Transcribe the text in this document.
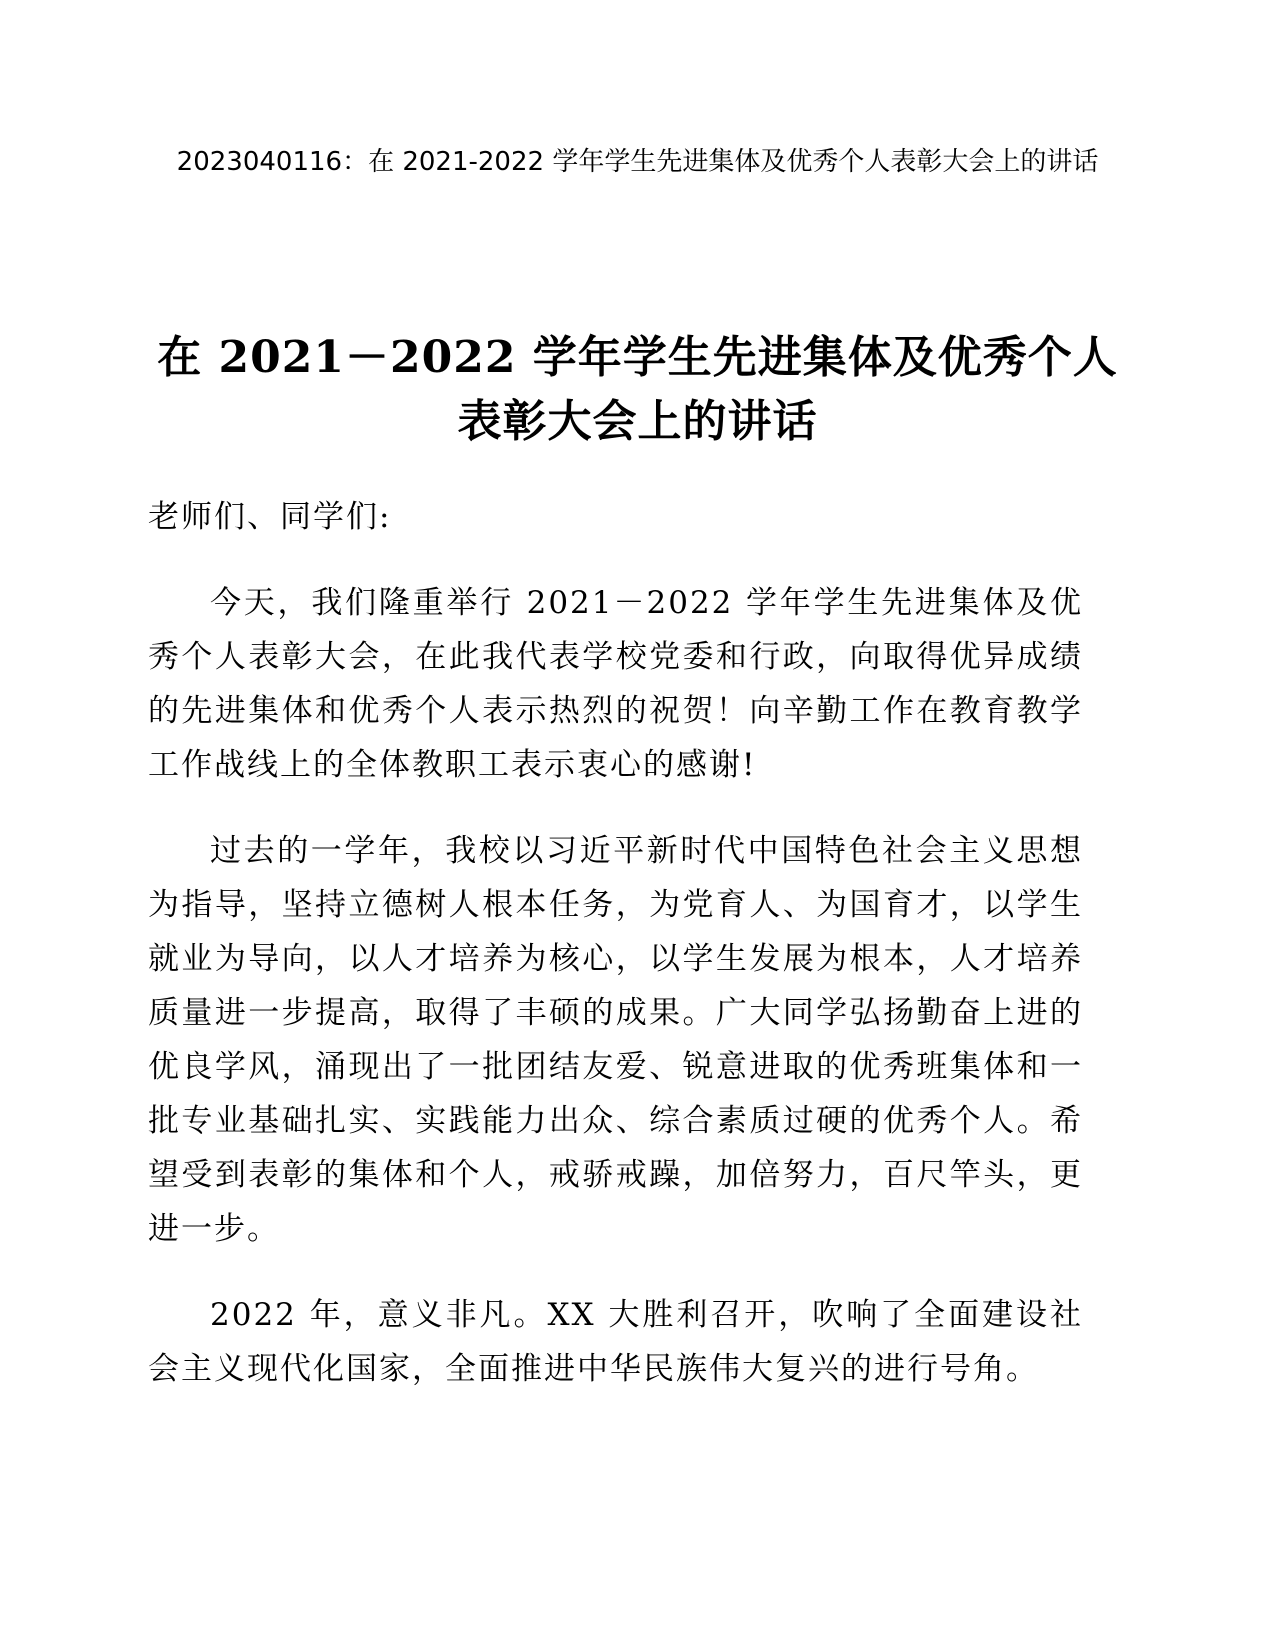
2023040116：在 2021-2022 学年学生先进集体及优秀个人表彰大会上的讲话
在 2021－2022 学年学生先进集体及优秀个人表彰大会上的讲话

老师们、同学们:

今天，我们隆重举行 2021－2022 学年学生先进集体及优秀个人表彰大会，在此我代表学校党委和行政，向取得优异成绩的先进集体和优秀个人表示热烈的祝贺！向辛勤工作在教育教学工作战线上的全体教职工表示衷心的感谢!

过去的一学年，我校以习近平新时代中国特色社会主义思想为指导，坚持立德树人根本任务，为党育人、为国育才，以学生就业为导向，以人才培养为核心，以学生发展为根本，人才培养质量进一步提高，取得了丰硕的成果。广大同学弘扬勤奋上进的优良学风，涌现出了一批团结友爱、锐意进取的优秀班集体和一批专业基础扎实、实践能力出众、综合素质过硬的优秀个人。希望受到表彰的集体和个人，戒骄戒躁，加倍努力，百尺竿头，更进一步。

2022 年，意义非凡。XX 大胜利召开，吹响了全面建设社会主义现代化国家，全面推进中华民族伟大复兴的进行号角。
